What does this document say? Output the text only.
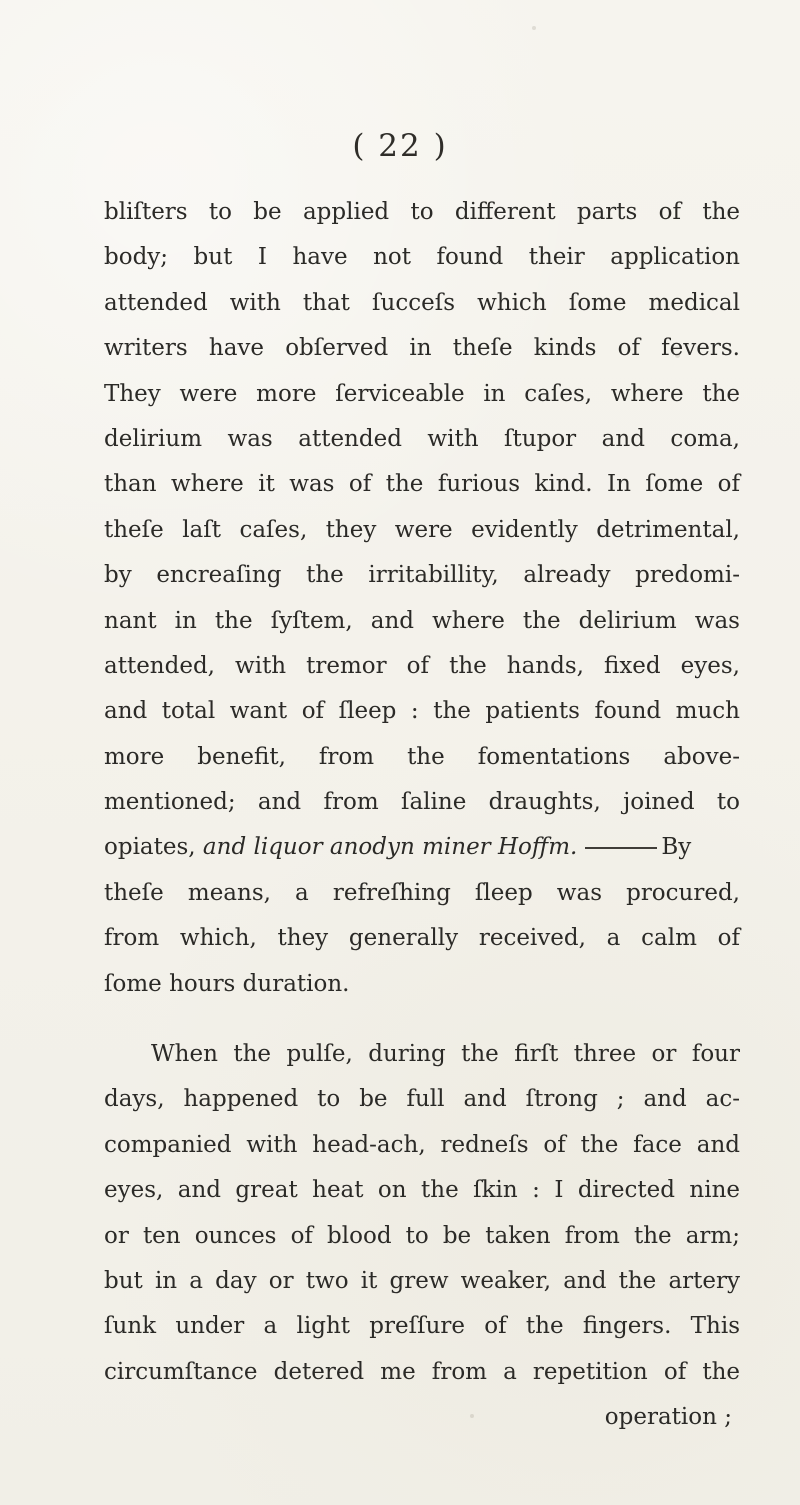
( 22 )
bliſters to be applied to different parts of the
body; but I have not found their application
attended with that ſucceſs which ſome medical
writers have obſerved in theſe kinds of fevers.
They were more ſerviceable in caſes, where the
delirium was attended with ſtupor and coma,
than where it was of the furious kind. In ſome of
theſe laſt caſes, they were evidently detrimental,
by encreaſing the irritabillity, already predomi-
nant in the ſyſtem, and where the delirium was
attended, with tremor of the hands, fixed eyes,
and total want of ſleep : the patients found much
more benefit, from the fomentations above-
mentioned; and from ſaline draughts, joined to
opiates, and liquor anodyn miner Hoffm.	By
theſe means, a refreſhing ſleep was procured,
from which, they generally received, a calm of
ſome hours duration.
When the pulſe, during the firſt three or four
days, happened to be full and ſtrong ; and ac-
companied with head-ach, redneſs of the face and
eyes, and great heat on the ſkin : I directed nine
or ten ounces of blood to be taken from the arm;
but in a day or two it grew weaker, and the artery
ſunk under a light preſſure of the fingers. This
circumſtance detered me from a repetition of the
operation ;
